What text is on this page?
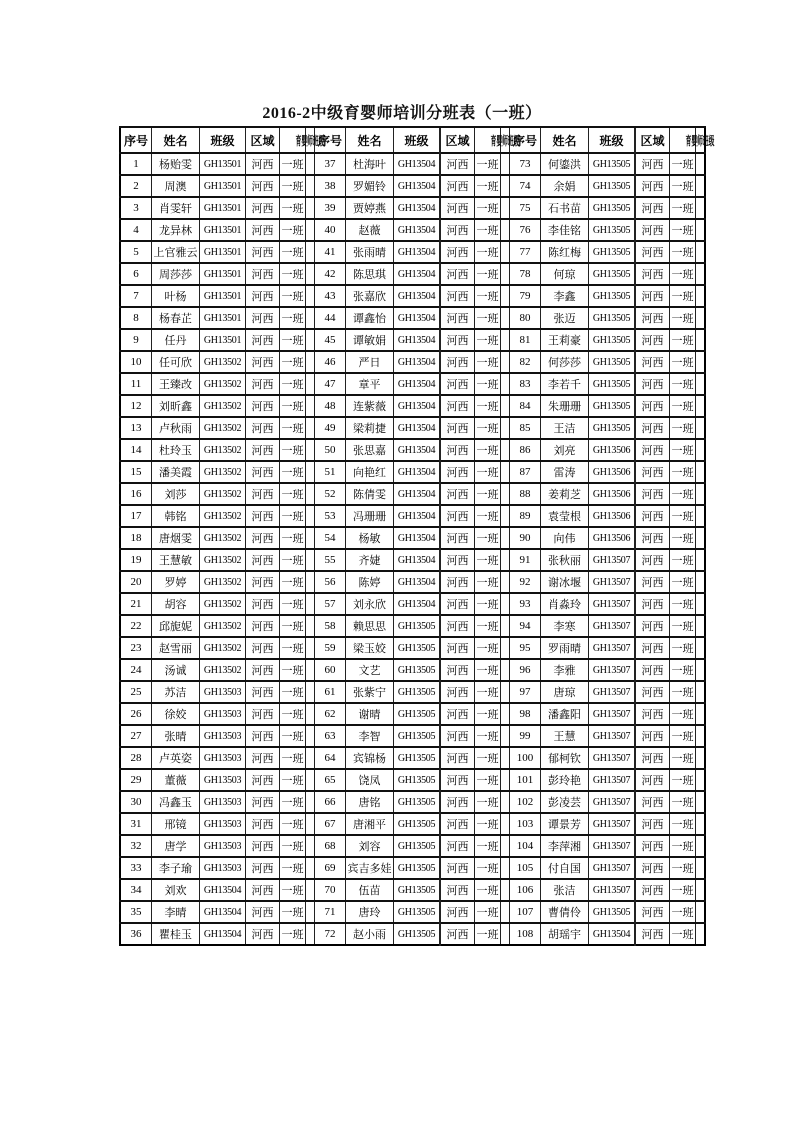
2016-2中级育婴师培训分班表（一班）
序号	姓名	班级	区域	育婴师班级		序号	姓名	班级	区域	育婴师班级		序号	姓名	班级	区域	育婴师班级	
1	杨贻雯	GH13501	河西	一班		37	杜海叶	GH13504	河西	一班		73	何鎏洪	GH13505	河西	一班	
2	周澳	GH13501	河西	一班		38	罗媚铃	GH13504	河西	一班		74	余娟	GH13505	河西	一班	
3	肖雯轩	GH13501	河西	一班		39	贾婷燕	GH13504	河西	一班		75	石书苗	GH13505	河西	一班	
4	龙异林	GH13501	河西	一班		40	赵薇	GH13504	河西	一班		76	李佳铭	GH13505	河西	一班	
5	上官雅云	GH13501	河西	一班		41	张雨晴	GH13504	河西	一班		77	陈红梅	GH13505	河西	一班	
6	周莎莎	GH13501	河西	一班		42	陈思琪	GH13504	河西	一班		78	何琼	GH13505	河西	一班	
7	叶杨	GH13501	河西	一班		43	张嘉欣	GH13504	河西	一班		79	李鑫	GH13505	河西	一班	
8	杨春芷	GH13501	河西	一班		44	谭鑫怡	GH13504	河西	一班		80	张迈	GH13505	河西	一班	
9	任丹	GH13501	河西	一班		45	谭敏娟	GH13504	河西	一班		81	王莉豪	GH13505	河西	一班	
10	任可欣	GH13502	河西	一班		46	严日	GH13504	河西	一班		82	何莎莎	GH13505	河西	一班	
11	王臻改	GH13502	河西	一班		47	章平	GH13504	河西	一班		83	李若千	GH13505	河西	一班	
12	刘昕鑫	GH13502	河西	一班		48	连紫薇	GH13504	河西	一班		84	朱珊珊	GH13505	河西	一班	
13	卢秋雨	GH13502	河西	一班		49	梁莉捷	GH13504	河西	一班		85	王洁	GH13505	河西	一班	
14	杜玲玉	GH13502	河西	一班		50	张思嘉	GH13504	河西	一班		86	刘亮	GH13506	河西	一班	
15	潘美霞	GH13502	河西	一班		51	向艳红	GH13504	河西	一班		87	雷涛	GH13506	河西	一班	
16	刘莎	GH13502	河西	一班		52	陈倩雯	GH13504	河西	一班		88	姜莉芝	GH13506	河西	一班	
17	韩铭	GH13502	河西	一班		53	冯珊珊	GH13504	河西	一班		89	袁莹根	GH13506	河西	一班	
18	唐烟雯	GH13502	河西	一班		54	杨敏	GH13504	河西	一班		90	向伟	GH13506	河西	一班	
19	王慧敏	GH13502	河西	一班		55	齐婕	GH13504	河西	一班		91	张秋丽	GH13507	河西	一班	
20	罗婷	GH13502	河西	一班		56	陈婷	GH13504	河西	一班		92	谢冰堰	GH13507	河西	一班	
21	胡容	GH13502	河西	一班		57	刘永欣	GH13504	河西	一班		93	肖淼玲	GH13507	河西	一班	
22	邱旎妮	GH13502	河西	一班		58	赖思思	GH13505	河西	一班		94	李寒	GH13507	河西	一班	
23	赵雪丽	GH13502	河西	一班		59	梁玉姣	GH13505	河西	一班		95	罗雨晴	GH13507	河西	一班	
24	汤诚	GH13502	河西	一班		60	文艺	GH13505	河西	一班		96	李雅	GH13507	河西	一班	
25	苏洁	GH13503	河西	一班		61	张紫宁	GH13505	河西	一班		97	唐琼	GH13507	河西	一班	
26	徐姣	GH13503	河西	一班		62	谢晴	GH13505	河西	一班		98	潘鑫阳	GH13507	河西	一班	
27	张晴	GH13503	河西	一班		63	李智	GH13505	河西	一班		99	王慧	GH13507	河西	一班	
28	卢英姿	GH13503	河西	一班		64	宾锦杨	GH13505	河西	一班		100	郁柯钦	GH13507	河西	一班	
29	董薇	GH13503	河西	一班		65	饶凤	GH13505	河西	一班		101	彭玲艳	GH13507	河西	一班	
30	冯鑫玉	GH13503	河西	一班		66	唐铭	GH13505	河西	一班		102	彭凌芸	GH13507	河西	一班	
31	邢镜	GH13503	河西	一班		67	唐湘平	GH13505	河西	一班		103	谭景芳	GH13507	河西	一班	
32	唐学	GH13503	河西	一班		68	刘容	GH13505	河西	一班		104	李萍湘	GH13507	河西	一班	
33	李子瑜	GH13503	河西	一班		69	宾吉多娃	GH13505	河西	一班		105	付自国	GH13507	河西	一班	
34	刘欢	GH13504	河西	一班		70	伍苗	GH13505	河西	一班		106	张洁	GH13507	河西	一班	
35	李晴	GH13504	河西	一班		71	唐玲	GH13505	河西	一班		107	曹倩伶	GH13505	河西	一班	
36	瞿桂玉	GH13504	河西	一班		72	赵小雨	GH13505	河西	一班		108	胡瑶宇	GH13504	河西	一班	
